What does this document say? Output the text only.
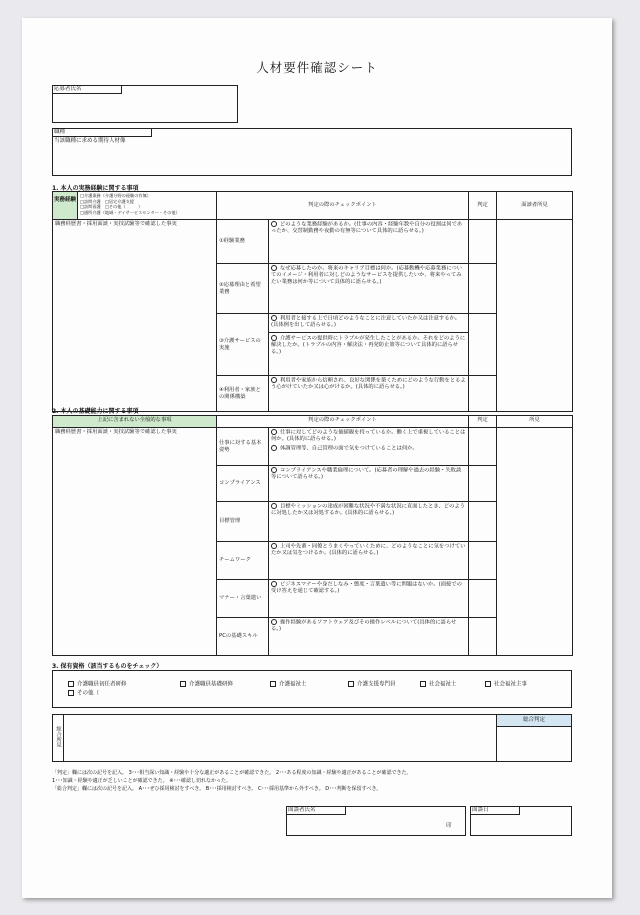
人材要件確認シート
応募者氏名
職種
当該職種に求める期待人材像
1. 本人の実務経験に関する事項
実務経験
□介護業務（介護分野の経験の有無）
□訪問介護　□居宅介護支援
□訪問看護　□その他（　　　）
□通所介護（地域・デイサービスセンター・その他）	判定の際のチェックポイント		判定	面談者所見
職務経歴書・採用面談・実技試験等で確認した事実	①経験業務	どのような業務経験があるか。(仕事の内容・経験年数や自分の役割は何であったか、交替制勤務や夜勤の有無等について具体的に語らせる。)		
	②応募理由と希望業務	なぜ応募したのか。将来のキャリア目標は何か。(応募動機や応募業務についてのイメージ・利用者に対しどのようなサービスを提供したいか、将来やってみたい業務は何か等について具体的に語らせる。)		
	③介護サービスの実施	利用者と接する上で日頃どのようなことに注意していたか又は注意するか。(具体例を出して語らせる。)
介護サービスの提供時にトラブルが発生したことがあるか。それをどのように解決したか。(トラブルの内容・解決法・再発防止策等について具体的に語らせる。)		

	④利用者・家族との関係構築	利用者や家族から信頼され、良好な関係を築くためにどのような行動をとるよう心がけていたか又は心がけるか。(具体的に語らせる。)		
2. 本人の基礎能力に関する事項
上記に含まれない全般的な事項	判定の際のチェックポイント		判定	所見
職務経歴書・採用面談・実技試験等で確認した事実	仕事に対する基本姿勢	仕事に対してどのような価値観を持っているか。働く上で重視していることは何か。(具体的に語らせる。)
体調管理等、自己管理の面で気をつけていることは何か。		

	コンプライアンス	コンプライアンスや職業倫理について。(応募者の理解や過去の経験・失敗談等について語らせる。)		
	目標管理	目標やミッションの達成が困難な状況や不満な状況に直面したとき、どのように対処したか又は対処するか。(具体的に語らせる。)		
	チームワーク	上司や先輩・同僚とうまくやっていくために、どのようなことに気をつけていたか又は気をつけるか。(具体的に語らせる。)		
	マナー・言葉遣い	ビジネスマナーや身だしなみ・態度・言葉遣い等に問題はないか。(面接での受け答えを通じて確認する。)		
	PCの基礎スキル	操作経験があるソフトウェア及びその操作レベルについて(具体的に語らせる。)		
3. 保有資格（該当するものをチェック）
介護職員初任者研修	介護職員基礎研修	介護福祉士	介護支援専門員	社会福祉士	社会福祉主事
その他（
総合所見
総合判定
「判定」欄には次の記号を記入。 3･･･相当深い知識・経験や十分な適正があることが確認できた。 2･･･ある程度の知識・経験や適正があることが確認できた。
1･･･知識・経験や適正が乏しいことが確認できた。 ※･･･確認し切れなかった。
「総合判定」欄には次の記号を記入。 A･･･ぜひ採用検討をすべき。 B･･･採用検討すべき。 C･･･採用基準から外すべき。 D･･･判断を保留すべき。
面談者氏名
印
面談日
